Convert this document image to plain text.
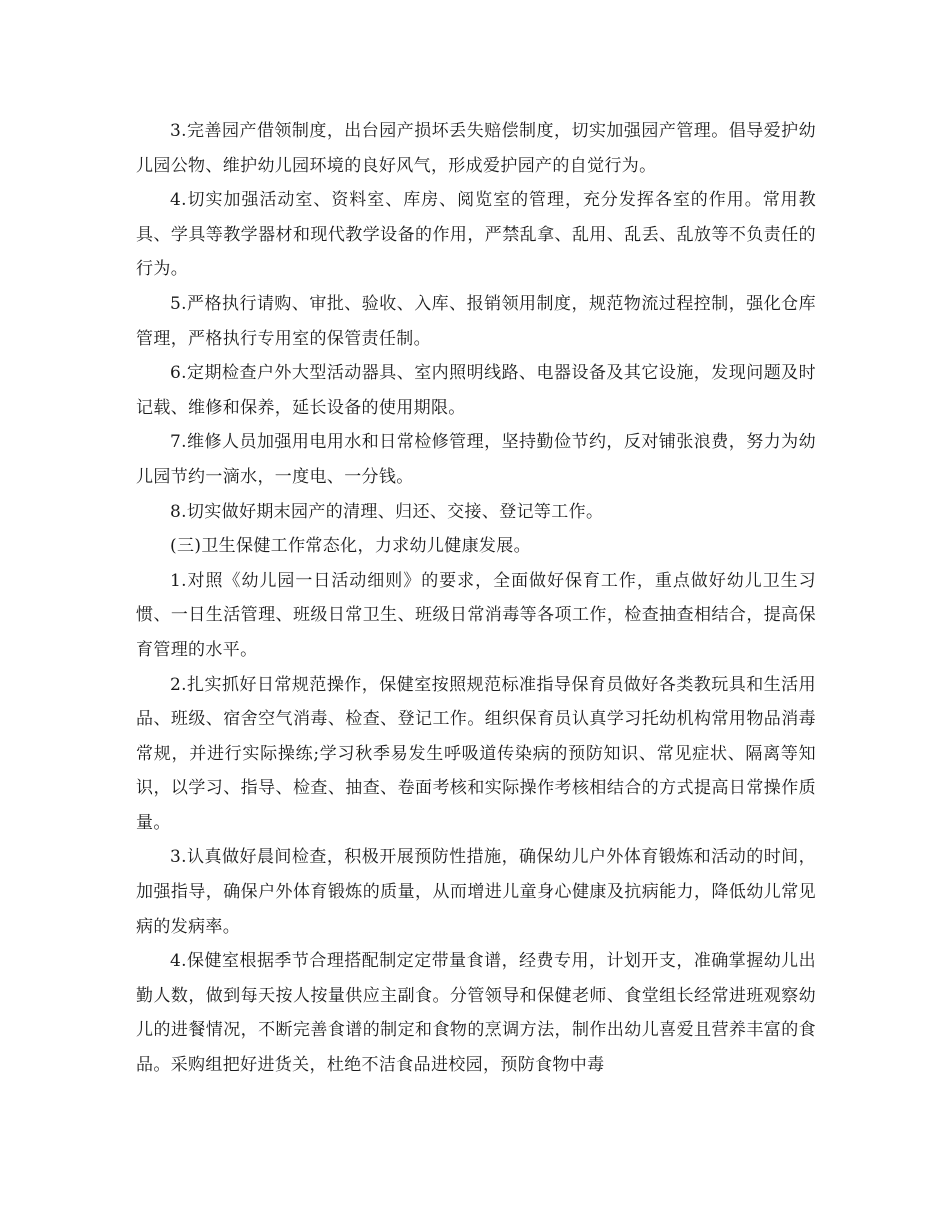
3.完善园产借领制度，出台园产损坏丢失赔偿制度，切实加强园产管理。倡导爱护幼儿园公物、维护幼儿园环境的良好风气，形成爱护园产的自觉行为。

4.切实加强活动室、资料室、库房、阅览室的管理，充分发挥各室的作用。常用教具、学具等教学器材和现代教学设备的作用，严禁乱拿、乱用、乱丢、乱放等不负责任的行为。

5.严格执行请购、审批、验收、入库、报销领用制度，规范物流过程控制，强化仓库管理，严格执行专用室的保管责任制。

6.定期检查户外大型活动器具、室内照明线路、电器设备及其它设施，发现问题及时记载、维修和保养，延长设备的使用期限。

7.维修人员加强用电用水和日常检修管理，坚持勤俭节约，反对铺张浪费，努力为幼儿园节约一滴水，一度电、一分钱。

8.切实做好期末园产的清理、归还、交接、登记等工作。

(三)卫生保健工作常态化，力求幼儿健康发展。

1.对照《幼儿园一日活动细则》的要求，全面做好保育工作，重点做好幼儿卫生习惯、一日生活管理、班级日常卫生、班级日常消毒等各项工作，检查抽查相结合，提高保育管理的水平。

2.扎实抓好日常规范操作，保健室按照规范标准指导保育员做好各类教玩具和生活用品、班级、宿舍空气消毒、检查、登记工作。组织保育员认真学习托幼机构常用物品消毒常规，并进行实际操练;学习秋季易发生呼吸道传染病的预防知识、常见症状、隔离等知识，以学习、指导、检查、抽查、卷面考核和实际操作考核相结合的方式提高日常操作质量。

3.认真做好晨间检查，积极开展预防性措施，确保幼儿户外体育锻炼和活动的时间，加强指导，确保户外体育锻炼的质量，从而增进儿童身心健康及抗病能力，降低幼儿常见病的发病率。

4.保健室根据季节合理搭配制定定带量食谱，经费专用，计划开支，准确掌握幼儿出勤人数，做到每天按人按量供应主副食。分管领导和保健老师、食堂组长经常进班观察幼儿的进餐情况，不断完善食谱的制定和食物的烹调方法，制作出幼儿喜爱且营养丰富的食品。采购组把好进货关，杜绝不洁食品进校园，预防食物中毒
